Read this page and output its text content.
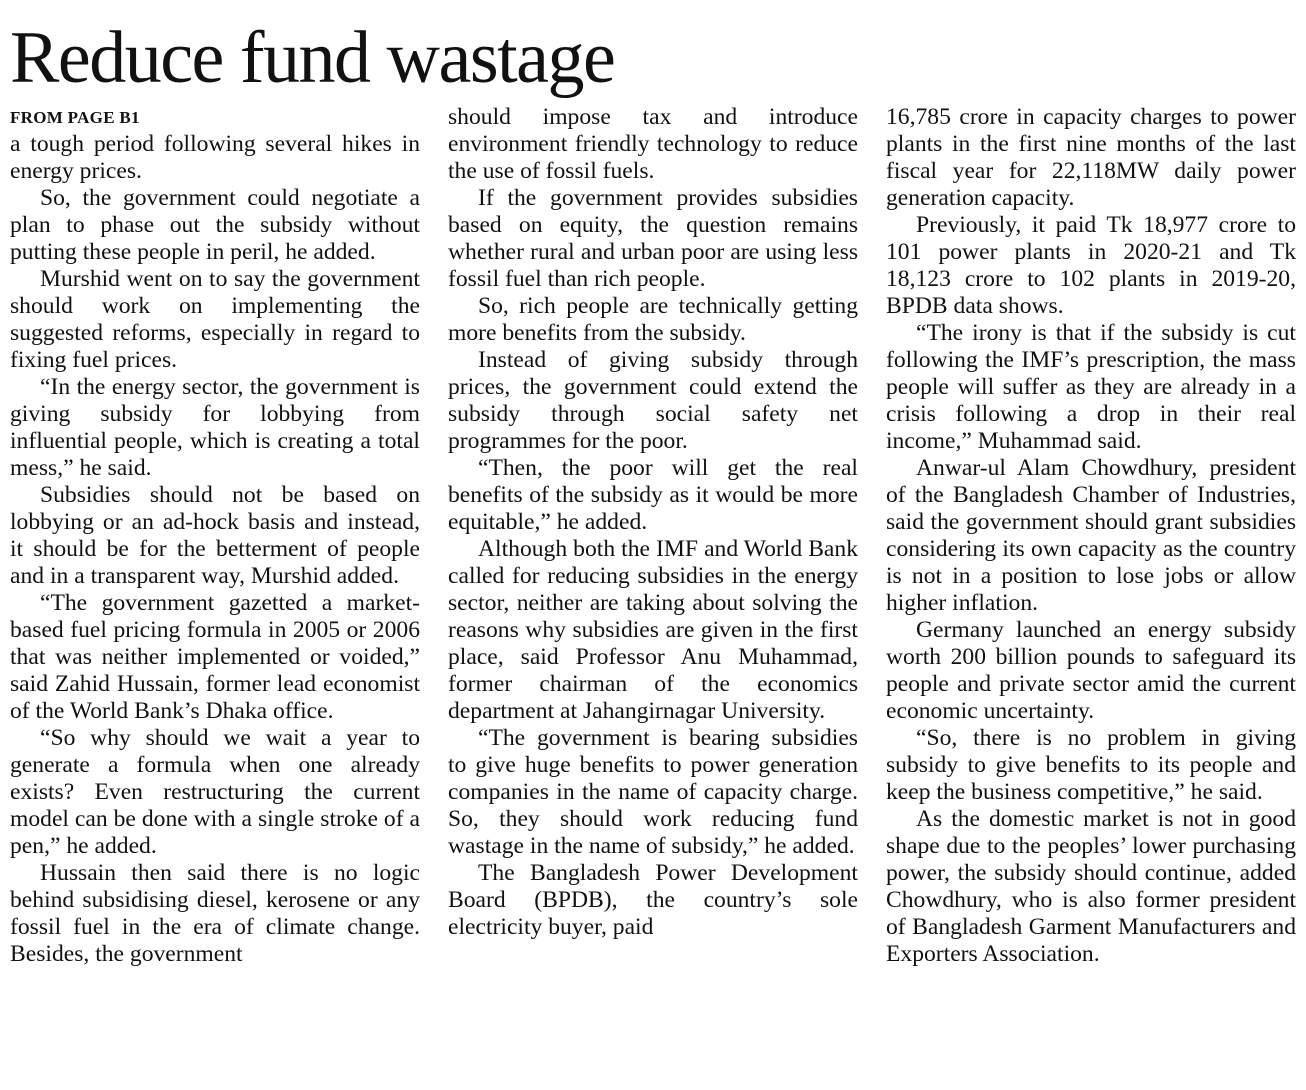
Reduce fund wastage
FROM PAGE B1

a tough period following several hikes in energy prices.

So, the government could negotiate a plan to phase out the subsidy without putting these people in peril, he added.

Murshid went on to say the government should work on implementing the suggested reforms, especially in regard to fixing fuel prices.

“In the energy sector, the government is giving subsidy for lobbying from influential people, which is creating a total mess,” he said.

Subsidies should not be based on lobbying or an ad-hock basis and instead, it should be for the betterment of people and in a transparent way, Murshid added.

“The government gazetted a market-based fuel pricing formula in 2005 or 2006 that was neither implemented or voided,” said Zahid Hussain, former lead economist of the World Bank’s Dhaka office.

“So why should we wait a year to generate a formula when one already exists? Even restructuring the current model can be done with a single stroke of a pen,” he added.

Hussain then said there is no logic behind subsidising diesel, kerosene or any fossil fuel in the era of climate change. Besides, the government

should impose tax and introduce environment friendly technology to reduce the use of fossil fuels.

If the government provides subsidies based on equity, the question remains whether rural and urban poor are using less fossil fuel than rich people.

So, rich people are technically getting more benefits from the subsidy.

Instead of giving subsidy through prices, the government could extend the subsidy through social safety net programmes for the poor.

“Then, the poor will get the real benefits of the subsidy as it would be more equitable,” he added.

Although both the IMF and World Bank called for reducing subsidies in the energy sector, neither are taking about solving the reasons why subsidies are given in the first place, said Professor Anu Muhammad, former chairman of the economics department at Jahangirnagar University.

“The government is bearing subsidies to give huge benefits to power generation companies in the name of capacity charge. So, they should work reducing fund wastage in the name of subsidy,” he added.

The Bangladesh Power Development Board (BPDB), the country’s sole electricity buyer, paid

16,785 crore in capacity charges to power plants in the first nine months of the last fiscal year for 22,118MW daily power generation capacity.

Previously, it paid Tk 18,977 crore to 101 power plants in 2020-21 and Tk 18,123 crore to 102 plants in 2019-20, BPDB data shows.

“The irony is that if the subsidy is cut following the IMF’s prescription, the mass people will suffer as they are already in a crisis following a drop in their real income,” Muhammad said.

Anwar-ul Alam Chowdhury, president of the Bangladesh Chamber of Industries, said the government should grant subsidies considering its own capacity as the country is not in a position to lose jobs or allow higher inflation.

Germany launched an energy subsidy worth 200 billion pounds to safeguard its people and private sector amid the current economic uncertainty.

“So, there is no problem in giving subsidy to give benefits to its people and keep the business competitive,” he said.

As the domestic market is not in good shape due to the peoples’ lower purchasing power, the subsidy should continue, added Chowdhury, who is also former president of Bangladesh Garment Manufacturers and Exporters Association.
